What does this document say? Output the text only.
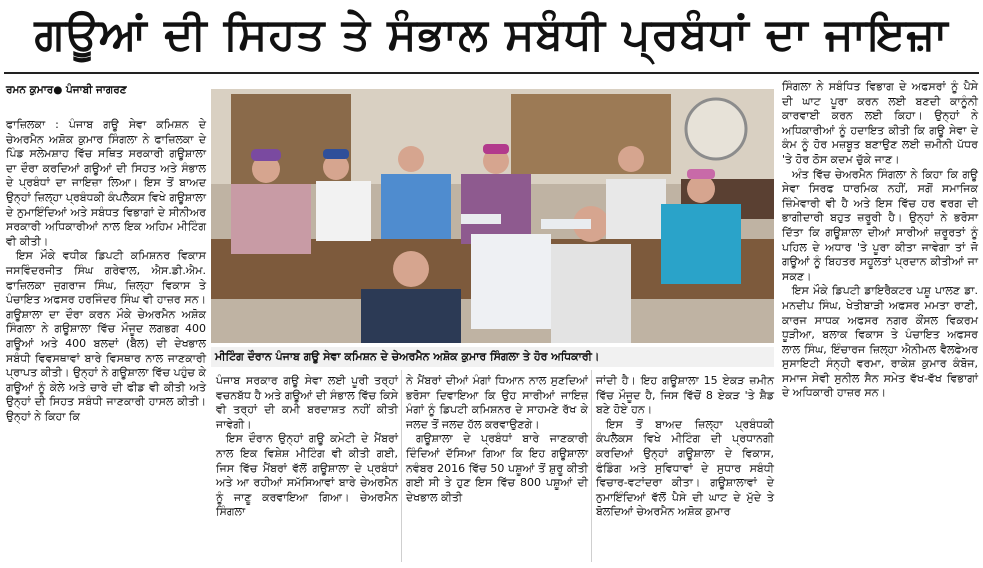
ਗਊਆਂ ਦੀ ਸਿਹਤ ਤੇ ਸੰਭਾਲ ਸਬੰਧੀ ਪ੍ਰਬੰਧਾਂ ਦਾ ਜਾਇਜ਼ਾ
ਰਮਨ ਕੁਮਾਰ● ਪੰਜਾਬੀ ਜਾਗਰਣ

ਫਾਜ਼ਿਲਕਾ : ਪੰਜਾਬ ਗਊ ਸੇਵਾ ਕਮਿਸ਼ਨ ਦੇ ਚੇਅਰਮੈਨ ਅਸ਼ੋਕ ਕੁਮਾਰ ਸਿੰਗਲਾ ਨੇ ਫਾਜ਼ਿਲਕਾ ਦੇ ਪਿੰਡ ਸਲੇਮਸ਼ਾਹ ਵਿੱਚ ਸਥਿਤ ਸਰਕਾਰੀ ਗਊਸ਼ਾਲਾ ਦਾ ਦੌਰਾ ਕਰਦਿਆਂ ਗਊਆਂ ਦੀ ਸਿਹਤ ਅਤੇ ਸੰਭਾਲ ਦੇ ਪ੍ਰਬੰਧਾਂ ਦਾ ਜਾਇਜ਼ਾ ਲਿਆ। ਇਸ ਤੋਂ ਬਾਅਦ ਉਨ੍ਹਾਂ ਜ਼ਿਲ੍ਹਾ ਪ੍ਰਬੰਧਕੀ ਕੰਪਲੈਕਸ ਵਿਖੇ ਗਊਸ਼ਾਲਾ ਦੇ ਨੁਮਾਇੰਦਿਆਂ ਅਤੇ ਸਬੰਧਤ ਵਿਭਾਗਾਂ ਦੇ ਸੀਨੀਅਰ ਸਰਕਾਰੀ ਅਧਿਕਾਰੀਆਂ ਨਾਲ ਇਕ ਅਹਿਮ ਮੀਟਿੰਗ ਵੀ ਕੀਤੀ।

ਇਸ ਮੌਕੇ ਵਧੀਕ ਡਿਪਟੀ ਕਮਿਸ਼ਨਰ ਵਿਕਾਸ ਜਸਵਿੰਦਰਜੀਤ ਸਿੰਘ ਗਰੇਵਾਲ, ਐਸ.ਡੀ.ਐਮ. ਫਾਜ਼ਿਲਕਾ ਜੁਗਰਾਜ ਸਿੰਘ, ਜ਼ਿਲ੍ਹਾ ਵਿਕਾਸ ਤੇ ਪੰਚਾਇਤ ਅਫਸਰ ਹਰਜਿੰਦਰ ਸਿੰਘ ਵੀ ਹਾਜ਼ਰ ਸਨ।ਗਊਸ਼ਾਲਾ ਦਾ ਦੌਰਾ ਕਰਨ ਮੌਕੇ ਚੇਅਰਮੈਨ ਅਸ਼ੋਕ ਸਿੰਗਲਾ ਨੇ ਗਊਸ਼ਾਲਾ ਵਿੱਚ ਮੌਜੂਦ ਲਗਭਗ 400 ਗਊਆਂ ਅਤੇ 400 ਬਲਦਾਂ (ਬੈਲ) ਦੀ ਦੇਖਭਾਲ ਸਬੰਧੀ ਵਿਵਸਥਾਵਾਂ ਬਾਰੇ ਵਿਸਥਾਰ ਨਾਲ ਜਾਣਕਾਰੀ ਪ੍ਰਾਪਤ ਕੀਤੀ। ਉਨ੍ਹਾਂ ਨੇ ਗਊਸ਼ਾਲਾ ਵਿੱਚ ਪਹੁੰਚ ਕੇ ਗਊਆਂ ਨੂੰ ਕੇਲੇ ਅਤੇ ਚਾਰੇ ਦੀ ਫੀਡ ਵੀ ਕੀਤੀ ਅਤੇ ਉਨ੍ਹਾਂ ਦੀ ਸਿਹਤ ਸਬੰਧੀ ਜਾਣਕਾਰੀ ਹਾਸਲ ਕੀਤੀ। ਉਨ੍ਹਾਂ ਨੇ ਕਿਹਾ ਕਿ

ਮੀਟਿੰਗ ਦੌਰਾਨ ਪੰਜਾਬ ਗਊ ਸੇਵਾ ਕਮਿਸ਼ਨ ਦੇ ਚੇਅਰਮੈਨ ਅਸ਼ੋਕ ਕੁਮਾਰ ਸਿੰਗਲਾ ਤੇ ਹੋਰ ਅਧਿਕਾਰੀ।

ਪੰਜਾਬ ਸਰਕਾਰ ਗਊ ਸੇਵਾ ਲਈ ਪੂਰੀ ਤਰ੍ਹਾਂ ਵਚਨਬੱਧ ਹੈ ਅਤੇ ਗਊਆਂ ਦੀ ਸੰਭਾਲ ਵਿੱਚ ਕਿਸੇ ਵੀ ਤਰ੍ਹਾਂ ਦੀ ਕਮੀ ਬਰਦਾਸ਼ਤ ਨਹੀਂ ਕੀਤੀ ਜਾਵੇਗੀ।

ਇਸ ਦੌਰਾਨ ਉਨ੍ਹਾਂ ਗਊ ਕਮੇਟੀ ਦੇ ਮੈਂਬਰਾਂ ਨਾਲ ਇਕ ਵਿਸ਼ੇਸ਼ ਮੀਟਿੰਗ ਵੀ ਕੀਤੀ ਗਈ, ਜਿਸ ਵਿੱਚ ਮੈਂਬਰਾਂ ਵੱਲੋਂ ਗਊਸ਼ਾਲਾ ਦੇ ਪ੍ਰਬੰਧਾਂ ਅਤੇ ਆ ਰਹੀਆਂ ਸਮੱਸਿਆਵਾਂ ਬਾਰੇ ਚੇਅਰਮੈਨ ਨੂੰ ਜਾਣੂ ਕਰਵਾਇਆ ਗਿਆ। ਚੇਅਰਮੈਨ ਸਿੰਗਲਾ

ਨੇ ਮੈਂਬਰਾਂ ਦੀਆਂ ਮੰਗਾਂ ਧਿਆਨ ਨਾਲ ਸੁਣਦਿਆਂ ਭਰੋਸਾ ਦਿਵਾਇਆ ਕਿ ਉਹ ਸਾਰੀਆਂ ਜਾਇਜ਼ ਮੰਗਾਂ ਨੂੰ ਡਿਪਟੀ ਕਮਿਸ਼ਨਰ ਦੇ ਸਾਹਮਣੇ ਰੱਖ ਕੇ ਜਲਦ ਤੋਂ ਜਲਦ ਹੱਲ ਕਰਵਾਉਣਗੇ।

ਗਊਸ਼ਾਲਾ ਦੇ ਪ੍ਰਬੰਧਾਂ ਬਾਰੇ ਜਾਣਕਾਰੀ ਦਿੰਦਿਆਂ ਦੱਸਿਆ ਗਿਆ ਕਿ ਇਹ ਗਊਸ਼ਾਲਾ ਨਵੰਬਰ 2016 ਵਿੱਚ 50 ਪਸ਼ੂਆਂ ਤੋਂ ਸ਼ੁਰੂ ਕੀਤੀ ਗਈ ਸੀ ਤੇ ਹੁਣ ਇਸ ਵਿੱਚ 800 ਪਸ਼ੂਆਂ ਦੀ ਦੇਖਭਾਲ ਕੀਤੀ

ਜਾਂਦੀ ਹੈ। ਇਹ ਗਊਸ਼ਾਲਾ 15 ਏਕੜ ਜ਼ਮੀਨ ਵਿੱਚ ਮੌਜੂਦ ਹੈ, ਜਿਸ ਵਿੱਚੋਂ 8 ਏਕੜ 'ਤੇ ਸ਼ੈਡ ਬਣੇ ਹੋਏ ਹਨ।

ਇਸ ਤੋਂ ਬਾਅਦ ਜ਼ਿਲ੍ਹਾ ਪ੍ਰਬੰਧਕੀ ਕੰਪਲੈਕਸ ਵਿਖੇ ਮੀਟਿੰਗ ਦੀ ਪ੍ਰਧਾਨਗੀ ਕਰਦਿਆਂ ਉਨ੍ਹਾਂ ਗਊਸ਼ਾਲਾ ਦੇ ਵਿਕਾਸ, ਫੰਡਿੰਗ ਅਤੇ ਸੁਵਿਧਾਵਾਂ ਦੇ ਸੁਧਾਰ ਸਬੰਧੀ ਵਿਚਾਰ-ਵਟਾਂਦਰਾ ਕੀਤਾ। ਗਊਸ਼ਾਲਾਵਾਂ ਦੇ ਨੁਮਾਇੰਦਿਆਂ ਵੱਲੋਂ ਪੈਸੇ ਦੀ ਘਾਟ ਦੇ ਮੁੱਦੇ ਤੇ ਬੋਲਦਿਆਂ ਚੇਅਰਮੈਨ ਅਸ਼ੋਕ ਕੁਮਾਰ

ਸਿੰਗਲਾ ਨੇ ਸਬੰਧਿਤ ਵਿਭਾਗ ਦੇ ਅਫਸਰਾਂ ਨੂੰ ਪੈਸੇ ਦੀ ਘਾਟ ਪੂਰਾ ਕਰਨ ਲਈ ਬਣਦੀ ਕਾਨੂੰਨੀ ਕਾਰਵਾਈ ਕਰਨ ਲਈ ਕਿਹਾ। ਉਨ੍ਹਾਂ ਨੇ ਅਧਿਕਾਰੀਆਂ ਨੂੰ ਹਦਾਇਤ ਕੀਤੀ ਕਿ ਗਊ ਸੇਵਾ ਦੇ ਕੰਮ ਨੂੰ ਹੋਰ ਮਜ਼ਬੂਤ ਬਣਾਉਣ ਲਈ ਜ਼ਮੀਨੀ ਪੱਧਰ 'ਤੇ ਹੋਰ ਠੋਸ ਕਦਮ ਚੁੱਕੇ ਜਾਣ।

ਅੰਤ ਵਿੱਚ ਚੇਅਰਮੈਨ ਸਿੰਗਲਾ ਨੇ ਕਿਹਾ ਕਿ ਗਊ ਸੇਵਾ ਸਿਰਫ ਧਾਰਮਿਕ ਨਹੀਂ, ਸਗੋਂ ਸਮਾਜਿਕ ਜ਼ਿੰਮੇਵਾਰੀ ਵੀ ਹੈ ਅਤੇ ਇਸ ਵਿੱਚ ਹਰ ਵਰਗ ਦੀ ਭਾਗੀਦਾਰੀ ਬਹੁਤ ਜ਼ਰੂਰੀ ਹੈ। ਉਨ੍ਹਾਂ ਨੇ ਭਰੋਸਾ ਦਿੱਤਾ ਕਿ ਗਊਸ਼ਾਲਾ ਦੀਆਂ ਸਾਰੀਆਂ ਜ਼ਰੂਰਤਾਂ ਨੂੰ ਪਹਿਲ ਦੇ ਅਧਾਰ 'ਤੇ ਪੂਰਾ ਕੀਤਾ ਜਾਵੇਗਾ ਤਾਂ ਜੋ ਗਊਆਂ ਨੂੰ ਬਿਹਤਰ ਸਹੂਲਤਾਂ ਪ੍ਰਦਾਨ ਕੀਤੀਆਂ ਜਾ ਸਕਣ।

ਇਸ ਮੌਕੇ ਡਿਪਟੀ ਡਾਇਰੈਕਟਰ ਪਸ਼ੂ ਪਾਲਣ ਡਾ. ਮਨਦੀਪ ਸਿੰਘ, ਖੇਤੀਬਾੜੀ ਅਫਸਰ ਮਮਤਾ ਰਾਣੀ, ਕਾਰਜ ਸਾਧਕ ਅਫਸਰ ਨਗਰ ਕੌਂਸਲ ਵਿਕਰਮ ਧੂੜੀਆ, ਬਲਾਕ ਵਿਕਾਸ ਤੇ ਪੰਚਾਇਤ ਅਫਸਰ ਲਾਲ ਸਿੰਘ, ਇੰਚਾਰਜ ਜ਼ਿਲ੍ਹਾ ਐਨੀਮਲ ਵੈਲਫੇਅਰ ਸੁਸਾਇਟੀ ਸੰਨ੍ਹੀ ਵਰਮਾ, ਰਾਕੇਸ਼ ਕੁਮਾਰ ਕੰਬੋਜ, ਸਮਾਜ ਸੇਵੀ ਸੁਨੀਲ ਸੈਨ ਸਮੇਤ ਵੱਖ-ਵੱਖ ਵਿਭਾਗਾਂ ਦੇ ਅਧਿਕਾਰੀ ਹਾਜ਼ਰ ਸਨ।
